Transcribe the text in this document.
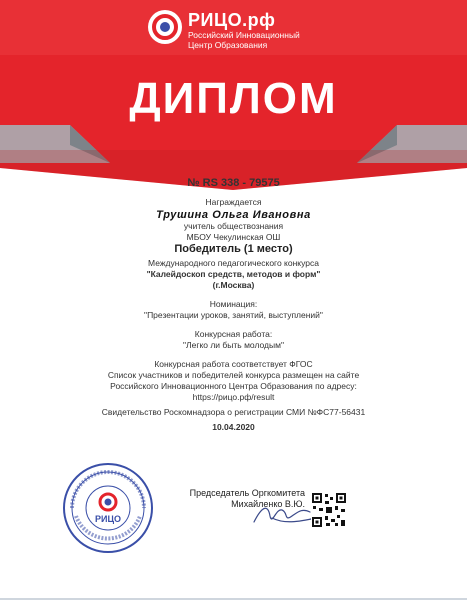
РИЦО.рф
Российский Инновационный
Центр Образования
ДИПЛОМ
№ RS 338 - 79575
Награждается
Трушина Ольга Ивановна
учитель обществознания
МБОУ Чекулинская ОШ
Победитель (1 место)
Международного педагогического конкурса
"Калейдоскоп средств, методов и форм"
(г.Москва)
Номинация:
"Презентации уроков, занятий, выступлений"
Конкурсная работа:
"Легко ли быть молодым"
Конкурсная работа соответствует ФГОС
Список участников и победителей конкурса размещен на сайте
Российского Инновационного Центра Образования по адресу:
https://рицо.рф/result
Свидетельство Роскомнадзора о регистрации СМИ №ФС77-56431
10.04.2020
РИЦО
Председатель Оргкомитета
Михайленко В.Ю.
